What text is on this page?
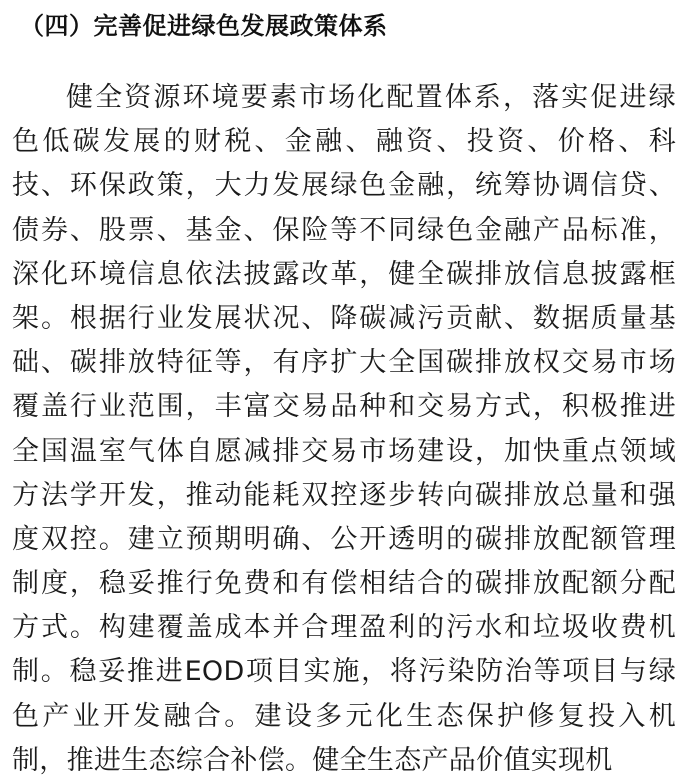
（四）完善促进绿色发展政策体系
健全资源环境要素市场化配置体系，落实促进绿
色低碳发展的财税、金融、融资、投资、价格、科
技、环保政策，大力发展绿色金融，统筹协调信贷、
债券、股票、基金、保险等不同绿色金融产品标准，
深化环境信息依法披露改革，健全碳排放信息披露框
架。根据行业发展状况、降碳减污贡献、数据质量基
础、碳排放特征等，有序扩大全国碳排放权交易市场
覆盖行业范围，丰富交易品种和交易方式，积极推进
全国温室气体自愿减排交易市场建设，加快重点领域
方法学开发，推动能耗双控逐步转向碳排放总量和强
度双控。建立预期明确、公开透明的碳排放配额管理
制度，稳妥推行免费和有偿相结合的碳排放配额分配
方式。构建覆盖成本并合理盈利的污水和垃圾收费机
制。稳妥推进EOD项目实施，将污染防治等项目与绿
色产业开发融合。建设多元化生态保护修复投入机
制，推进生态综合补偿。健全生态产品价值实现机
